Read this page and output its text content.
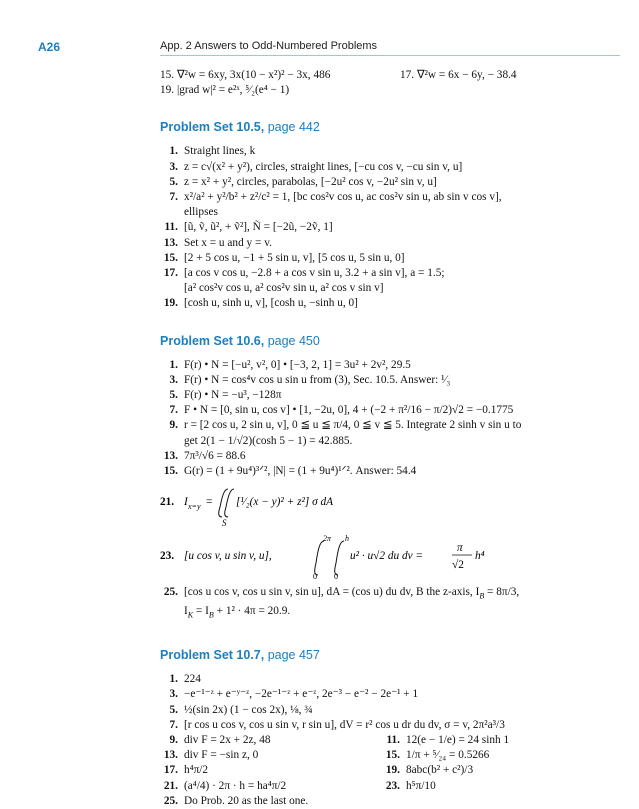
A26	App. 2 Answers to Odd-Numbered Problems
15. ∇²w = 6xy, 3x(10 − x²)² − 3x, 486	17. ∇²w = 6x − 6y, − 38.4
19. |grad w|² = e²ˣ, ⁵⁄₂(e⁴ − 1)
Problem Set 10.5, page 442
1. Straight lines, k
3. z = c√(x² + y²), circles, straight lines, [−cu cos v, −cu sin v, u]
5. z = x² + y², circles, parabolas, [−2u² cos v, −2u² sin v, u]
7. x²/a² + y²/b² + z²/c² = 1, [bc cos²v cos u, ac cos²v sin u, ab sin v cos v],
ellipses
11. [ũ, ṽ, ũ², + ṽ²], Ñ = [−2ũ, −2ṽ, 1]
13. Set x = u and y = v.
15. [2 + 5 cos u, −1 + 5 sin u, v], [5 cos u, 5 sin u, 0]
17. [a cos v cos u, −2.8 + a cos v sin u, 3.2 + a sin v], a = 1.5;
[a² cos²v cos u, a² cos²v sin u, a² cos v sin v]
19. [cosh u, sinh u, v], [cosh u, −sinh u, 0]
Problem Set 10.6, page 450
1. F(r) • N = [−u², v², 0] • [−3, 2, 1] = 3u² + 2v², 29.5
3. F(r) • N = cos⁴v cos u sin u from (3), Sec. 10.5. Answer: ¹⁄₃
5. F(r) • N = −u³, −128π
7. F • N = [0, sin u, cos v] • [1, −2u, 0], 4 + (−2 + π²/16 − π/2)√2 = −0.1775
9. r = [2 cos u, 2 sin u, v], 0 ≦ u ≦ π/4, 0 ≦ v ≦ 5. Integrate 2 sinh v sin u to
get 2(1 − 1/√2)(cosh 5 − 1) = 42.885.
13. 7π³/√6 = 88.6
15. G(r) = (1 + 9u⁴)³ᐟ², |N| = (1 + 9u⁴)¹ᐟ². Answer: 54.4
21. I x=y = [¹⁄₂(x − y)² + z²] σ dA
S
23. [u cos v, u sin v, u],
2π
0
h
0
u² · u√2 du dv =
π
√2
h⁴
25. [cos u cos v, cos u sin v, sin u], dA = (cos u) du dv, B the z-axis, $I_B = 8\pi/3$,
$I_K = I_B + 1^2 \cdot 4\pi = 20.9$.
Problem Set 10.7, page 457
1. 224
3. −e⁻¹⁻ᶻ + e⁻ʸ⁻ᶻ, −2e⁻¹⁻ᶻ + e⁻ᶻ, 2e⁻³ − e⁻² − 2e⁻¹ + 1
5. ½(sin 2x) (1 − cos 2x), ⅛, ¾
7. [r cos u cos v, cos u sin v, r sin u], dV = r² cos u dr du dv, σ = v, 2π²a³/3
9. div F = 2x + 2z, 48	11. 12(e − 1/e) = 24 sinh 1
13. div F = −sin z, 0	15. 1/π + ⁵⁄₂₄ = 0.5266
17. h⁴π/2	19. 8abc(b² + c²)/3
21. (a⁴/4) · 2π · h = ha⁴π/2	23. h⁵π/10
25. Do Prob. 20 as the last one.
